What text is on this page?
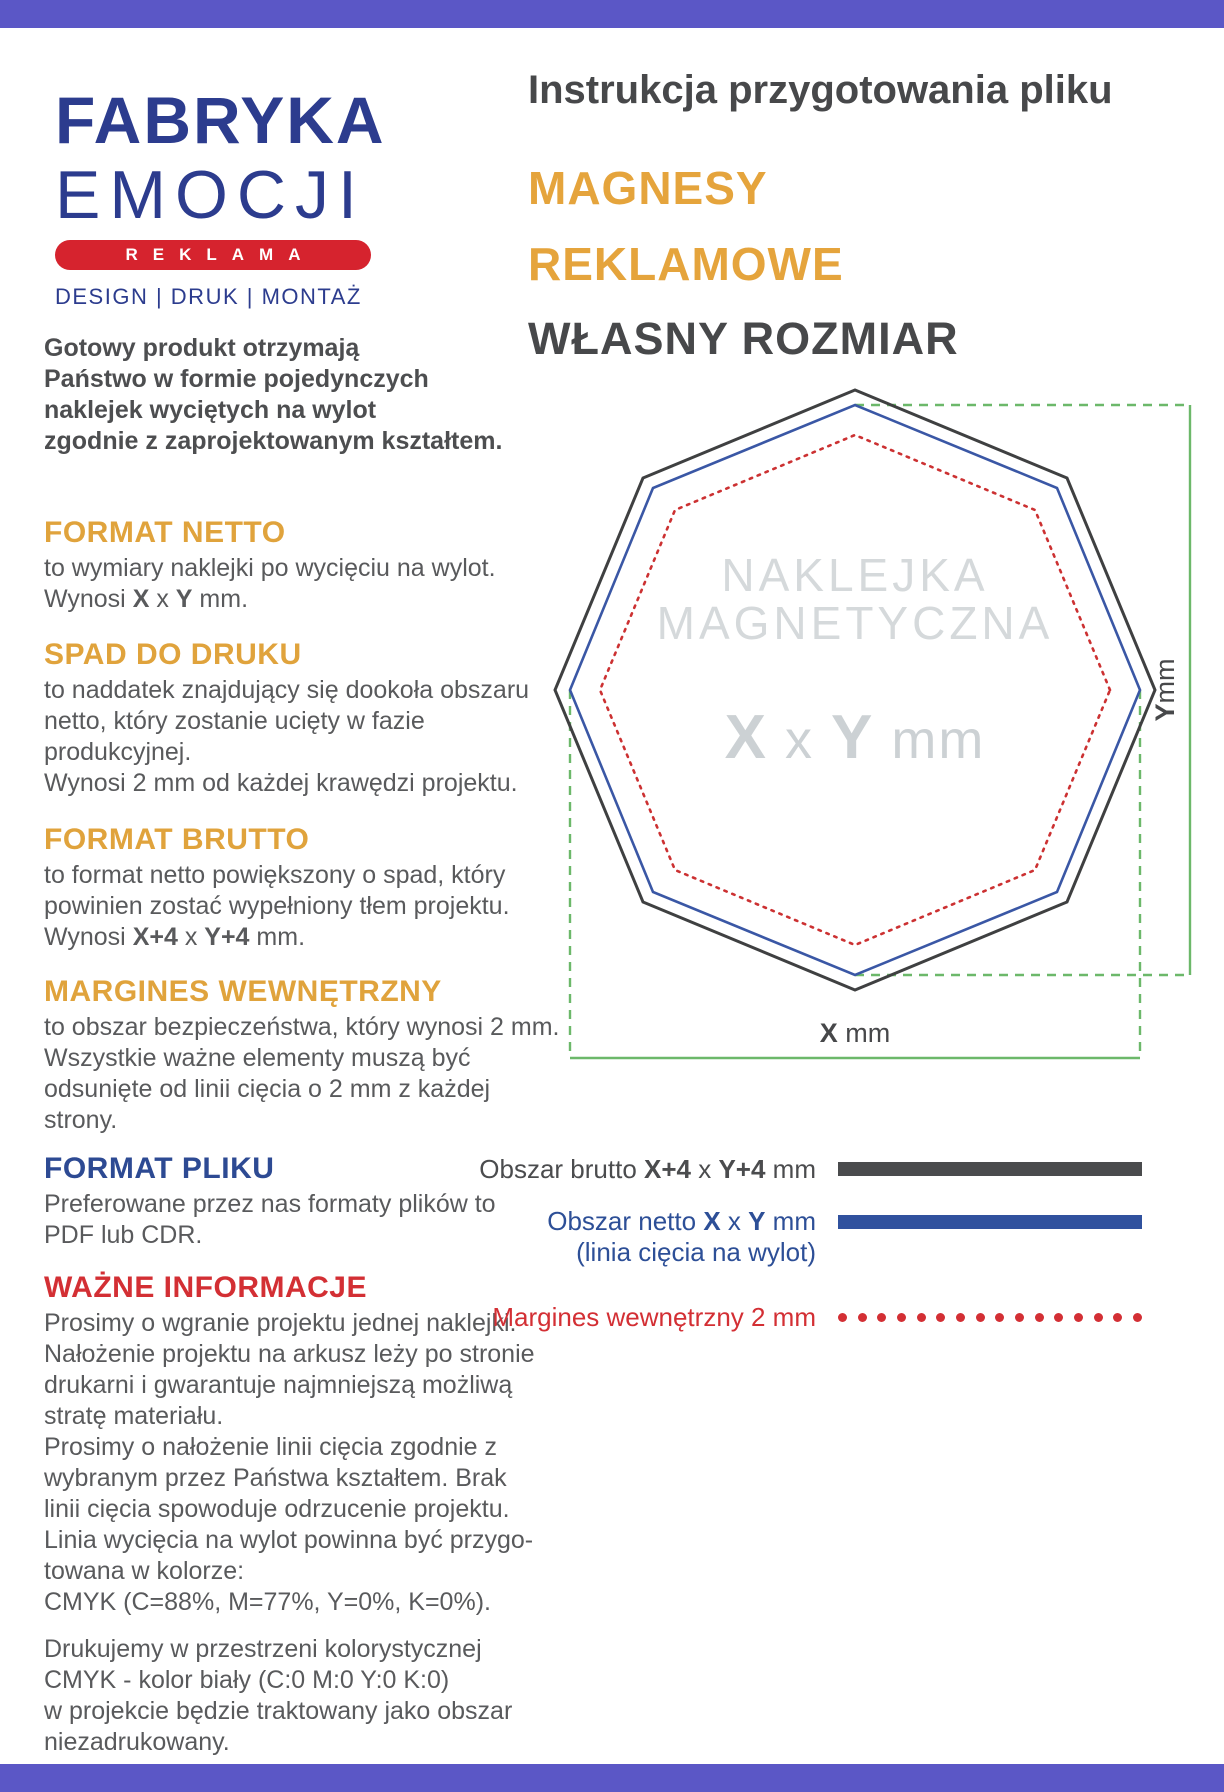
FABRYKA
EMOCJI
REKLAMA
DESIGN | DRUK | MONTAŻ
Instrukcja przygotowania pliku
MAGNESY
REKLAMOWE
WŁASNY ROZMIAR
Gotowy produkt otrzymają
Państwo w formie pojedynczych
naklejek wyciętych na wylot
zgodnie z zaprojektowanym kształtem.
FORMAT NETTO
to wymiary naklejki po wycięciu na wylot.
Wynosi X x Y mm.
SPAD DO DRUKU
to naddatek znajdujący się dookoła obszaru
netto, który zostanie ucięty w fazie
produkcyjnej.
Wynosi 2 mm od każdej krawędzi projektu.
FORMAT BRUTTO
to format netto powiększony o spad, który
powinien zostać wypełniony tłem projektu.
Wynosi X+4 x Y+4 mm.
MARGINES WEWNĘTRZNY
to obszar bezpieczeństwa, który wynosi 2 mm.
Wszystkie ważne elementy muszą być
odsunięte od linii cięcia o 2 mm z każdej
strony.
FORMAT PLIKU
Preferowane przez nas formaty plików to
PDF lub CDR.
WAŻNE INFORMACJE
Prosimy o wgranie projektu jednej naklejki.
Nałożenie projektu na arkusz leży po stronie
drukarni i gwarantuje najmniejszą możliwą
stratę materiału.
Prosimy o nałożenie linii cięcia zgodnie z
wybranym przez Państwa kształtem. Brak
linii cięcia spowoduje odrzucenie projektu.
Linia wycięcia na wylot powinna być przygo-
towana w kolorze:
CMYK (C=88%, M=77%, Y=0%, K=0%).
Drukujemy w przestrzeni kolorystycznej
CMYK - kolor biały (C:0 M:0 Y:0 K:0)
w projekcie będzie traktowany jako obszar
niezadrukowany.
NAKLEJKA
MAGNETYCZNA
X x Y mm	Y
mm
X mm
Obszar brutto X+4 x Y+4 mm
Obszar netto X x Y mm
(linia cięcia na wylot)
Margines wewnętrzny 2 mm
